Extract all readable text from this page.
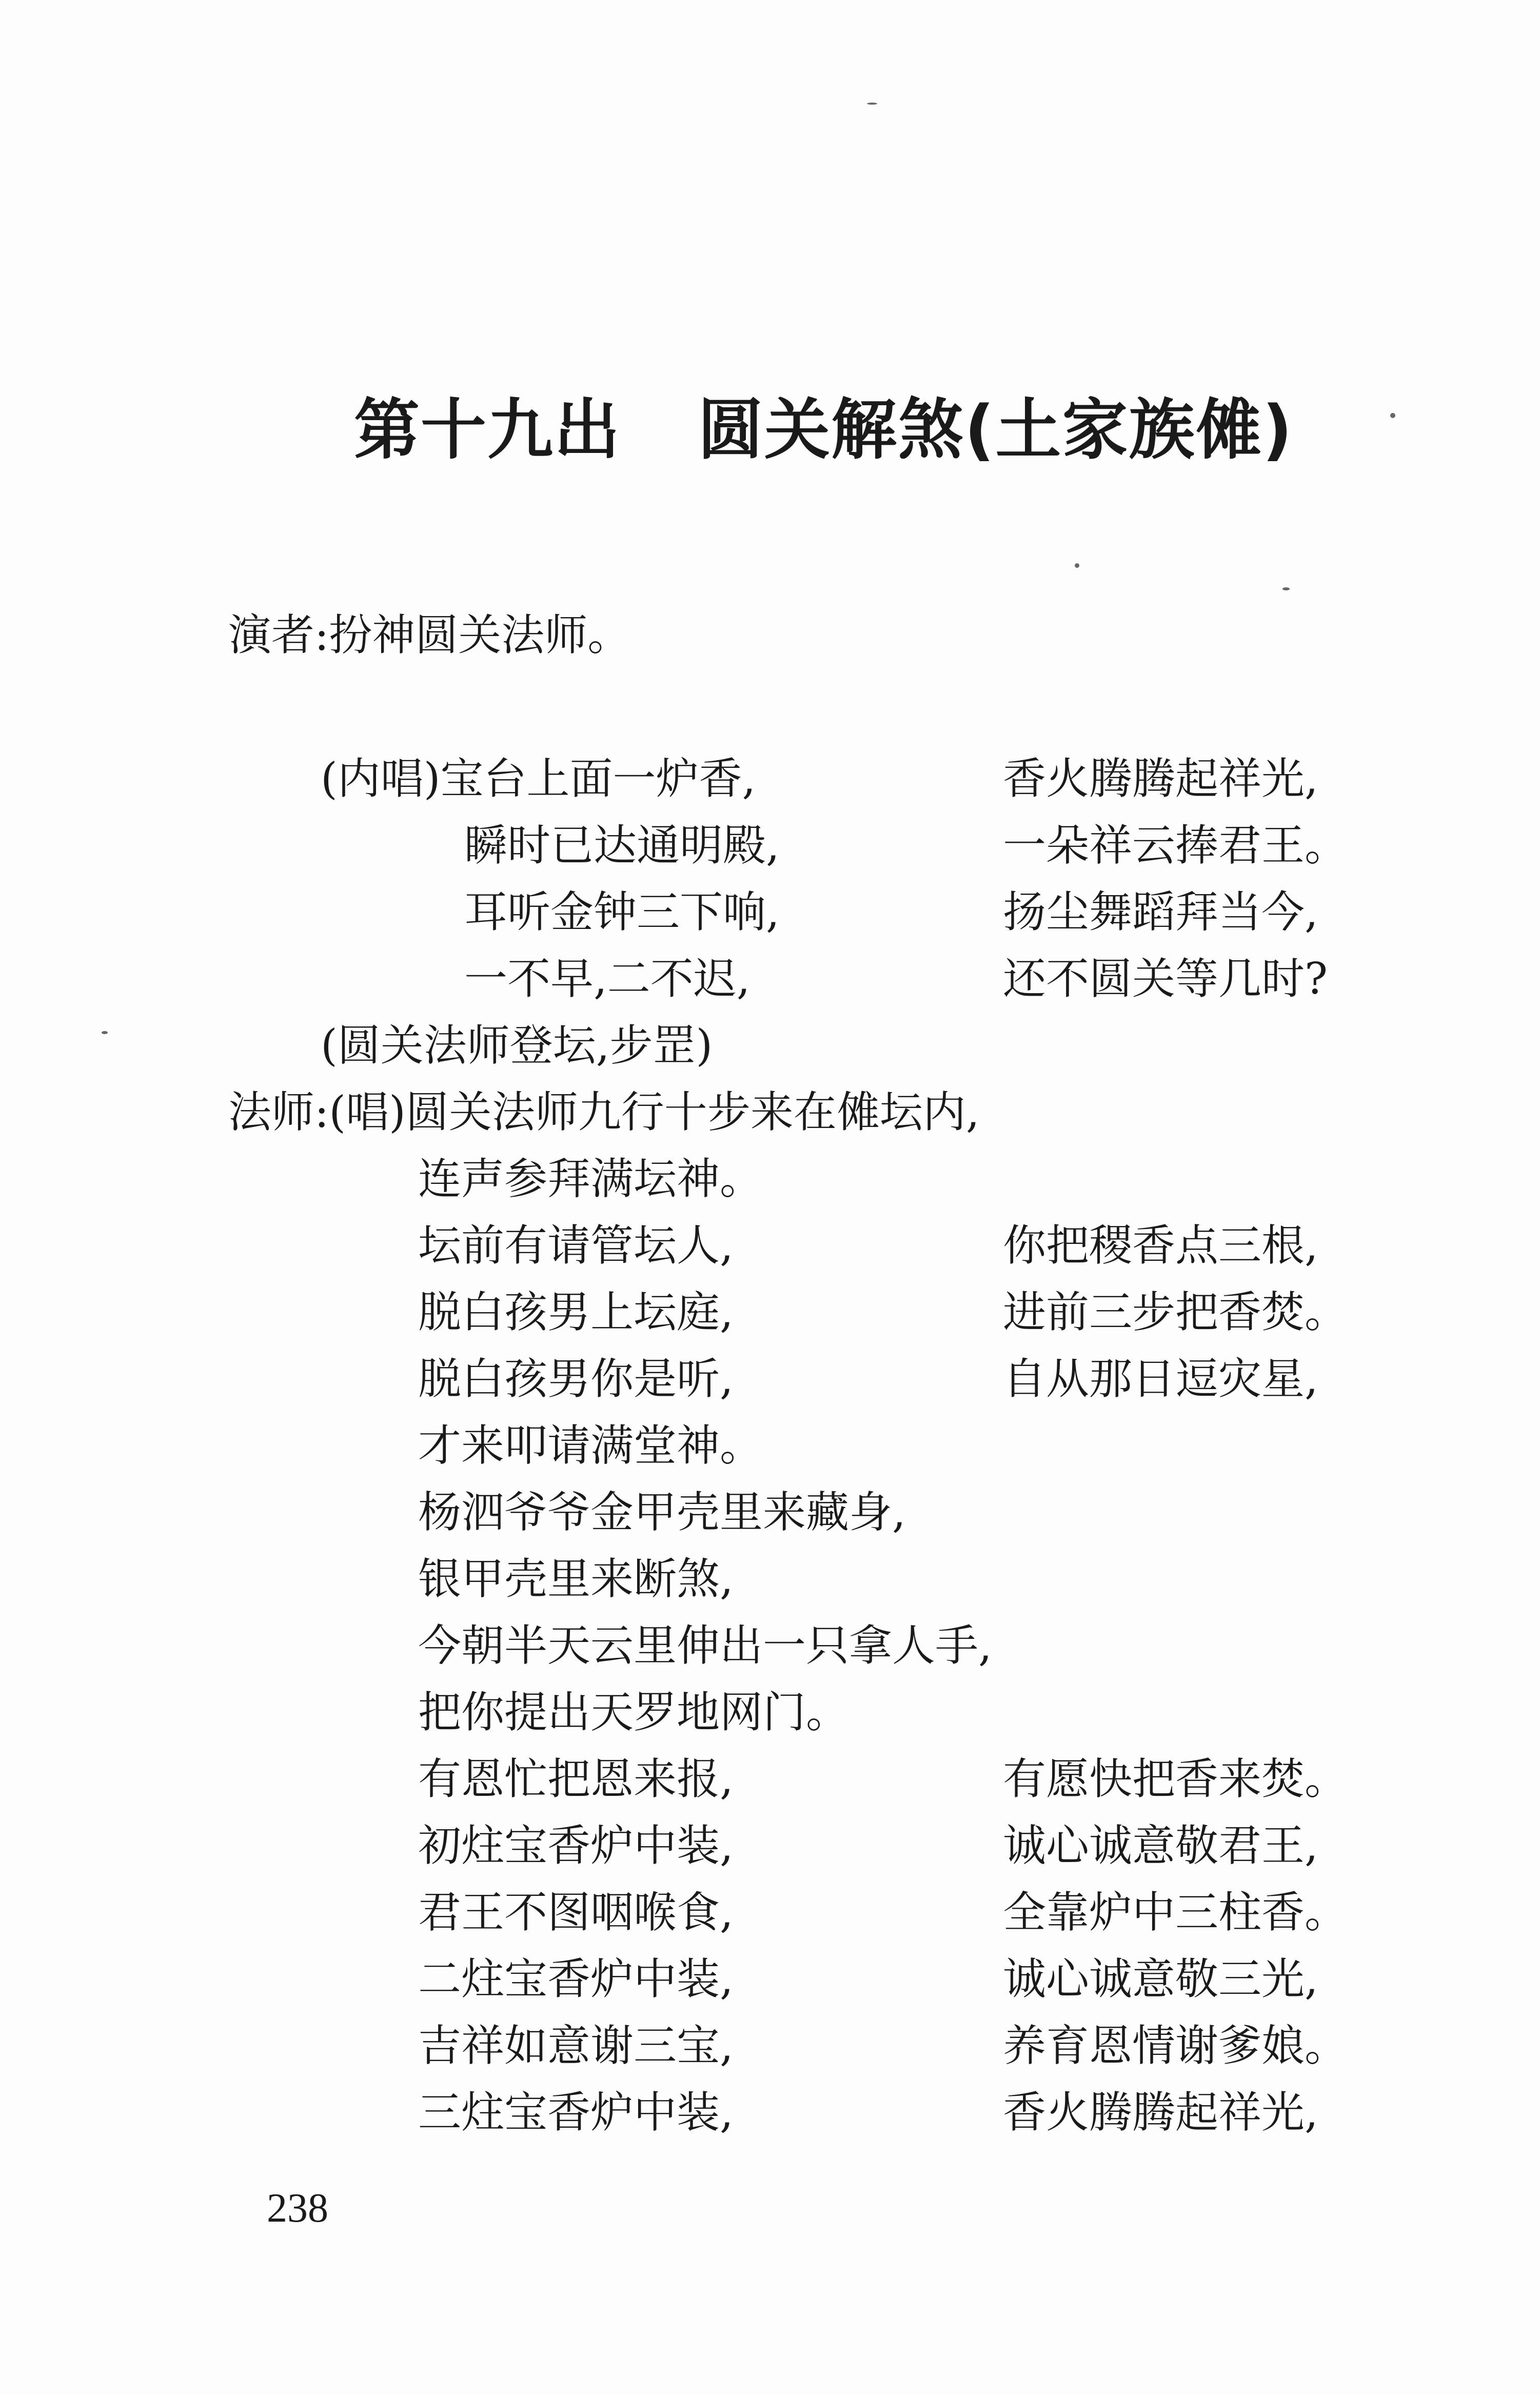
第十九出 圆关解煞(土家族傩)
演者:扮神圆关法师。
(内唱)宝台上面一炉香,	香火腾腾起祥光,
瞬时已达通明殿,	一朵祥云捧君王。
耳听金钟三下响,	扬尘舞蹈拜当今,
一不早,二不迟,	还不圆关等几时?
(圆关法师登坛,步罡)
法师:(唱)圆关法师九行十步来在傩坛内,
连声参拜满坛神。
坛前有请管坛人,	你把稷香点三根,
脱白孩男上坛庭,	进前三步把香焚。
脱白孩男你是听,	自从那日逗灾星,
才来叩请满堂神。
杨泗爷爷金甲壳里来藏身,
银甲壳里来断煞,
今朝半天云里伸出一只拿人手,
把你提出天罗地网门。
有恩忙把恩来报,	有愿快把香来焚。
初炷宝香炉中装,	诚心诚意敬君王,
君王不图咽喉食,	全靠炉中三柱香。
二炷宝香炉中装,	诚心诚意敬三光,
吉祥如意谢三宝,	养育恩情谢爹娘。
三炷宝香炉中装,	香火腾腾起祥光,
238
